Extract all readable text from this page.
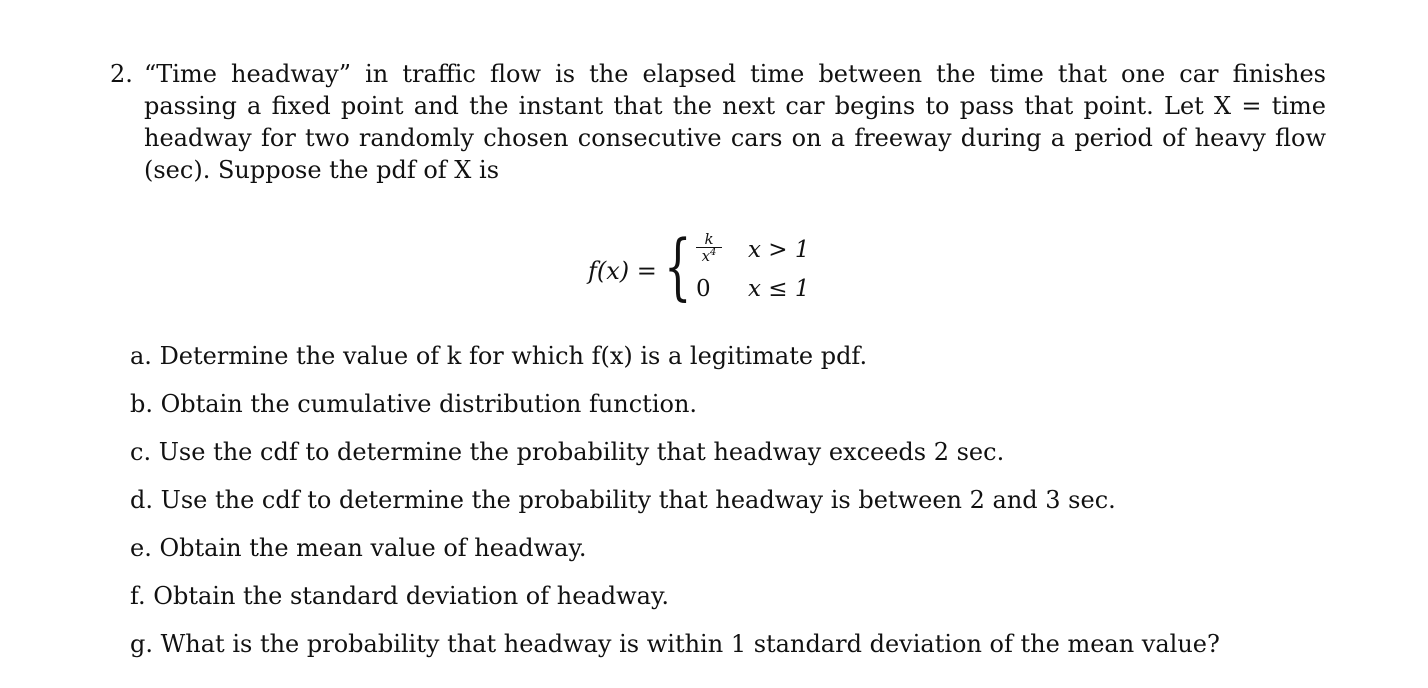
2. “Time headway” in traffic flow is the elapsed time between the time that one car finishes passing a fixed point and the instant that the next car begins to pass that point. Let X = time headway for two randomly chosen consecutive cars on a freeway during a period of heavy flow (sec). Suppose the pdf of X is
f(x) = { $\frac{k}{x^4}$
0
x > 1
x ≤ 1
a. Determine the value of k for which f(x) is a legitimate pdf.
b. Obtain the cumulative distribution function.
c. Use the cdf to determine the probability that headway exceeds 2 sec.
d. Use the cdf to determine the probability that headway is between 2 and 3 sec.
e. Obtain the mean value of headway.
f. Obtain the standard deviation of headway.
g. What is the probability that headway is within 1 standard deviation of the mean value?
